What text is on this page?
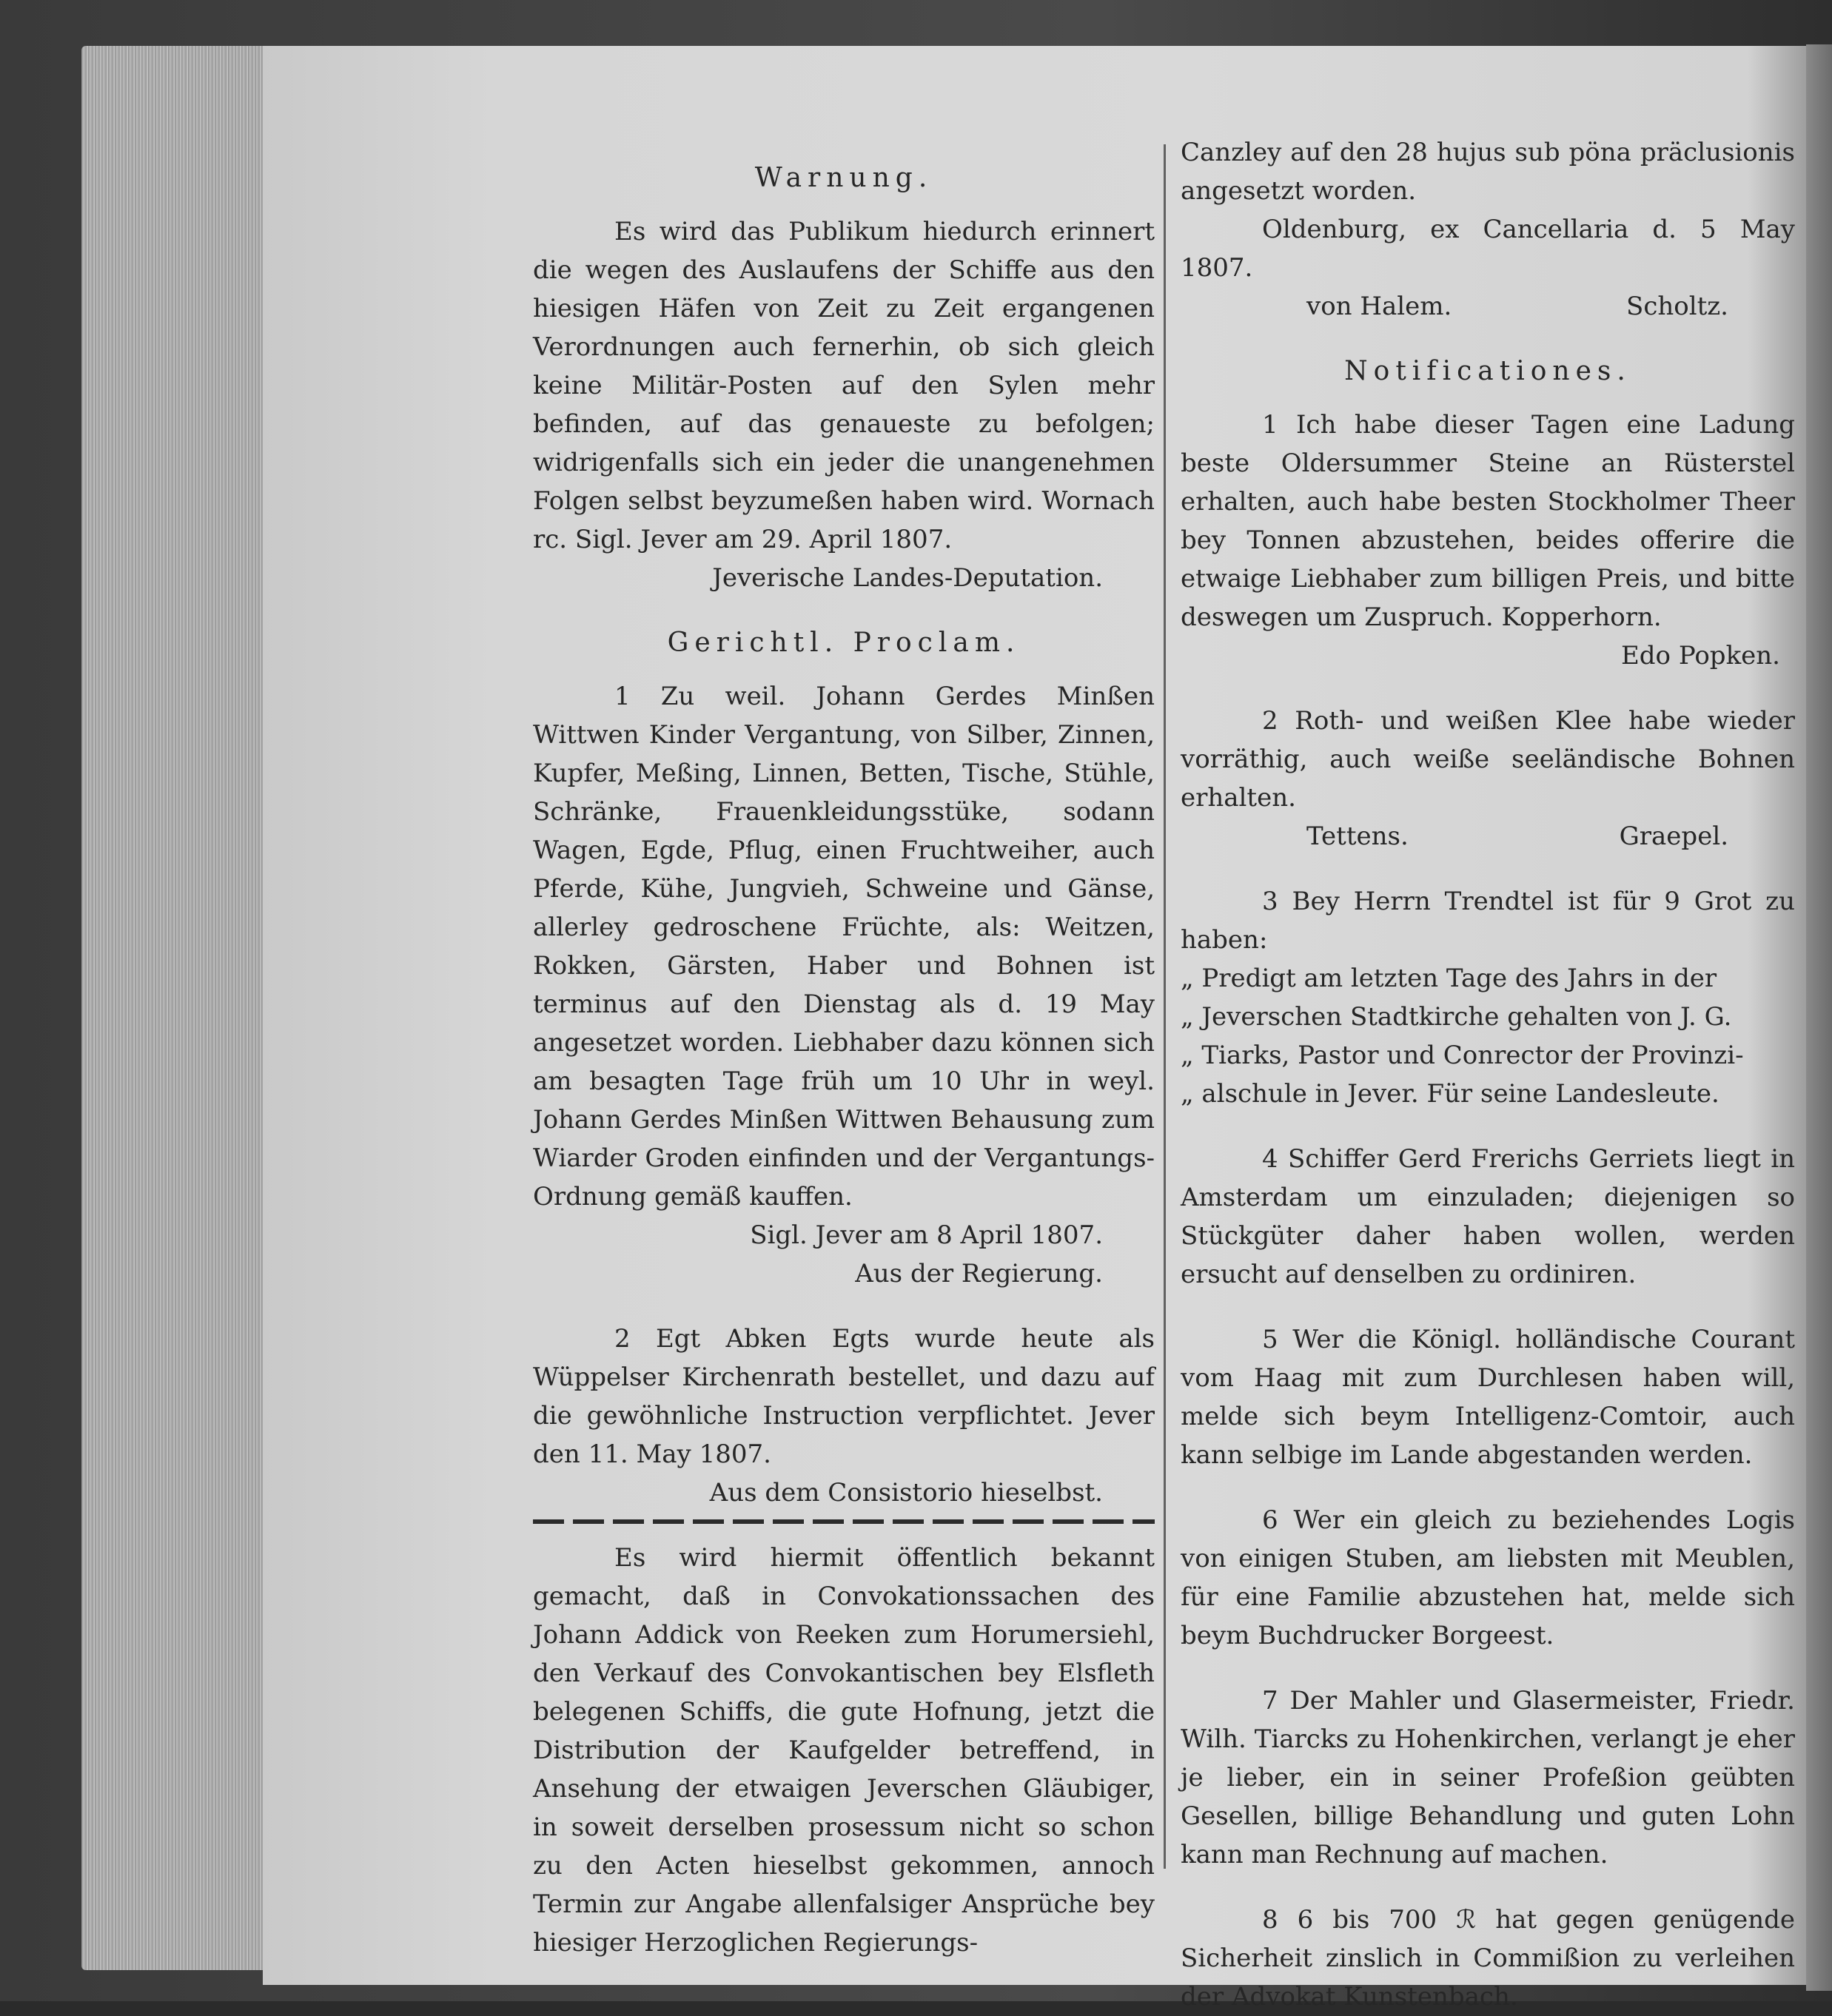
Warnung.

Es wird das Publikum hiedurch erinnert die wegen des Auslaufens der Schiffe aus den hiesigen Häfen von Zeit zu Zeit ergangenen Verordnungen auch fernerhin, ob sich gleich keine Militär-Posten auf den Sylen mehr befinden, auf das genaueste zu befolgen; widrigenfalls sich ein jeder die unangenehmen Folgen selbst beyzumeßen haben wird. Wornach rc. Sigl. Jever am 29. April 1807.

Jeverische Landes-Deputation.

Gerichtl. Proclam.

1 Zu weil. Johann Gerdes Minßen Wittwen Kinder Vergantung, von Silber, Zinnen, Kupfer, Meßing, Linnen, Betten, Tische, Stühle, Schränke, Frauenkleidungsstüke, sodann Wagen, Egde, Pflug, einen Fruchtweiher, auch Pferde, Kühe, Jungvieh, Schweine und Gänse, allerley gedroschene Früchte, als: Weitzen, Rokken, Gärsten, Haber und Bohnen ist terminus auf den Dienstag als d. 19 May angesetzet worden. Liebhaber dazu können sich am besagten Tage früh um 10 Uhr in weyl. Johann Gerdes Minßen Wittwen Behausung zum Wiarder Groden einfinden und der Vergantungs-Ordnung gemäß kauffen.

Sigl. Jever am 8 April 1807.

Aus der Regierung.

2 Egt Abken Egts wurde heute als Wüppelser Kirchenrath bestellet, und dazu auf die gewöhnliche Instruction verpflichtet. Jever den 11. May 1807.

Aus dem Consistorio hieselbst.

Es wird hiermit öffentlich bekannt gemacht, daß in Convokationssachen des Johann Addick von Reeken zum Horumersiehl, den Verkauf des Convokantischen bey Elsfleth belegenen Schiffs, die gute Hofnung, jetzt die Distribution der Kaufgelder betreffend, in Ansehung der etwaigen Jeverschen Gläubiger, in soweit derselben prosessum nicht so schon zu den Acten hieselbst gekommen, annoch Termin zur Angabe allenfalsiger Ansprüche bey hiesiger Herzoglichen Regierungs-

Canzley auf den 28 hujus sub pöna präclusionis angesetzt worden.

Oldenburg, ex Cancellaria d. 5 May 1807.

von Halem.	Scholtz.

Notificationes.

1 Ich habe dieser Tagen eine Ladung beste Oldersummer Steine an Rüsterstel erhalten, auch habe besten Stockholmer Theer bey Tonnen abzustehen, beides offerire die etwaige Liebhaber zum billigen Preis, und bitte deswegen um Zuspruch. Kopperhorn.

Edo Popken.

2 Roth- und weißen Klee habe wieder vorräthig, auch weiße seeländische Bohnen erhalten.

Tettens.	Graepel.

3 Bey Herrn Trendtel ist für 9 Grot zu haben:

„ Predigt am letzten Tage des Jahrs in der

„ Jeverschen Stadtkirche gehalten von J. G.

„ Tiarks, Pastor und Conrector der Provinzi-

„ alschule in Jever. Für seine Landesleute.

4 Schiffer Gerd Frerichs Gerriets liegt in Amsterdam um einzuladen; diejenigen so Stückgüter daher haben wollen, werden ersucht auf denselben zu ordiniren.

5 Wer die Königl. holländische Courant vom Haag mit zum Durchlesen haben will, melde sich beym Intelligenz-Comtoir, auch kann selbige im Lande abgestanden werden.

6 Wer ein gleich zu beziehendes Logis von einigen Stuben, am liebsten mit Meublen, für eine Familie abzustehen hat, melde sich beym Buchdrucker Borgeest.

7 Der Mahler und Glasermeister, Friedr. Wilh. Tiarcks zu Hohenkirchen, verlangt je eher je lieber, ein in seiner Profeßion geübten Gesellen, billige Behandlung und guten Lohn kann man Rechnung auf machen.

8 6 bis 700 ℛ hat gegen genügende Sicherheit zinslich in Commißion zu verleihen der Advokat Kunstenbach.
